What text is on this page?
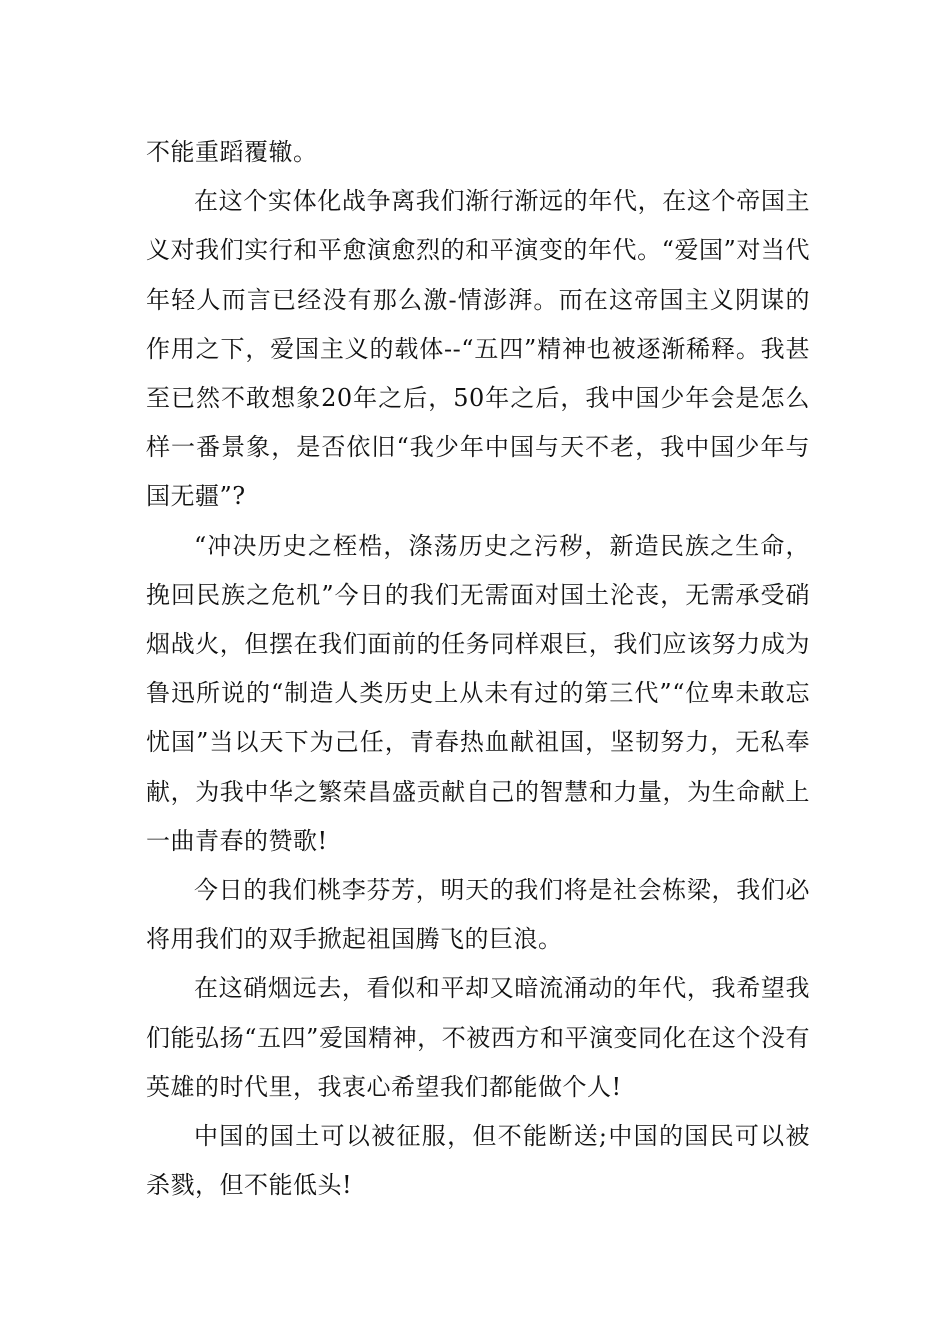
不能重蹈覆辙。

在这个实体化战争离我们渐行渐远的年代，在这个帝国主义对我们实行和平愈演愈烈的和平演变的年代。“爱国”对当代年轻人而言已经没有那么激-情澎湃。而在这帝国主义阴谋的作用之下，爱国主义的载体--“五四”精神也被逐渐稀释。我甚至已然不敢想象20年之后，50年之后，我中国少年会是怎么样一番景象，是否依旧“我少年中国与天不老，我中国少年与国无疆”?

“冲决历史之桎梏，涤荡历史之污秽，新造民族之生命，挽回民族之危机”今日的我们无需面对国土沦丧，无需承受硝烟战火，但摆在我们面前的任务同样艰巨，我们应该努力成为鲁迅所说的“制造人类历史上从未有过的第三代”“位卑未敢忘忧国”当以天下为己任，青春热血献祖国，坚韧努力，无私奉献，为我中华之繁荣昌盛贡献自己的智慧和力量，为生命献上一曲青春的赞歌!

今日的我们桃李芬芳，明天的我们将是社会栋梁，我们必将用我们的双手掀起祖国腾飞的巨浪。

在这硝烟远去，看似和平却又暗流涌动的年代，我希望我们能弘扬“五四”爱国精神，不被西方和平演变同化在这个没有英雄的时代里，我衷心希望我们都能做个人!

中国的国土可以被征服，但不能断送;中国的国民可以被杀戮，但不能低头!
